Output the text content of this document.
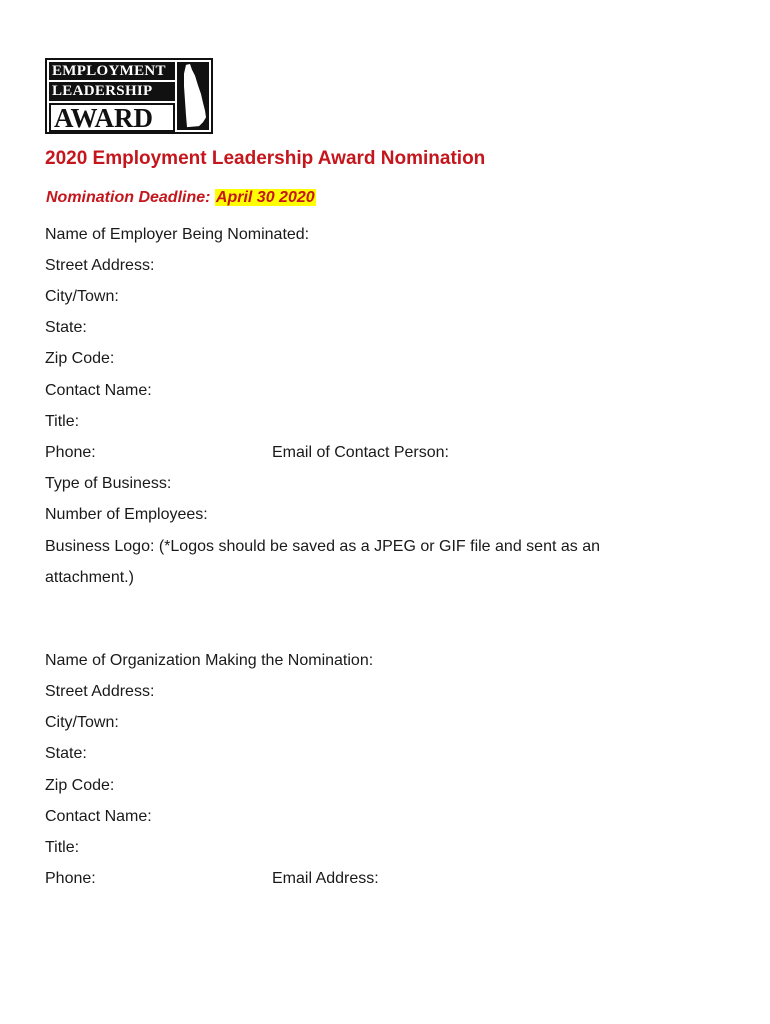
EMPLOYMENT
LEADERSHIP
AWARD
2020 Employment Leadership Award Nomination
Nomination Deadline: April 30 2020
Name of Employer Being Nominated:
Street Address:
City/Town:
State:
Zip Code:
Contact Name:
Title:
Phone:	Email of Contact Person:
Type of Business:
Number of Employees:
Business Logo: (*Logos should be saved as a JPEG or GIF file and sent as an
attachment.)
Name of Organization Making the Nomination:
Street Address:
City/Town:
State:
Zip Code:
Contact Name:
Title:
Phone:	Email Address:
